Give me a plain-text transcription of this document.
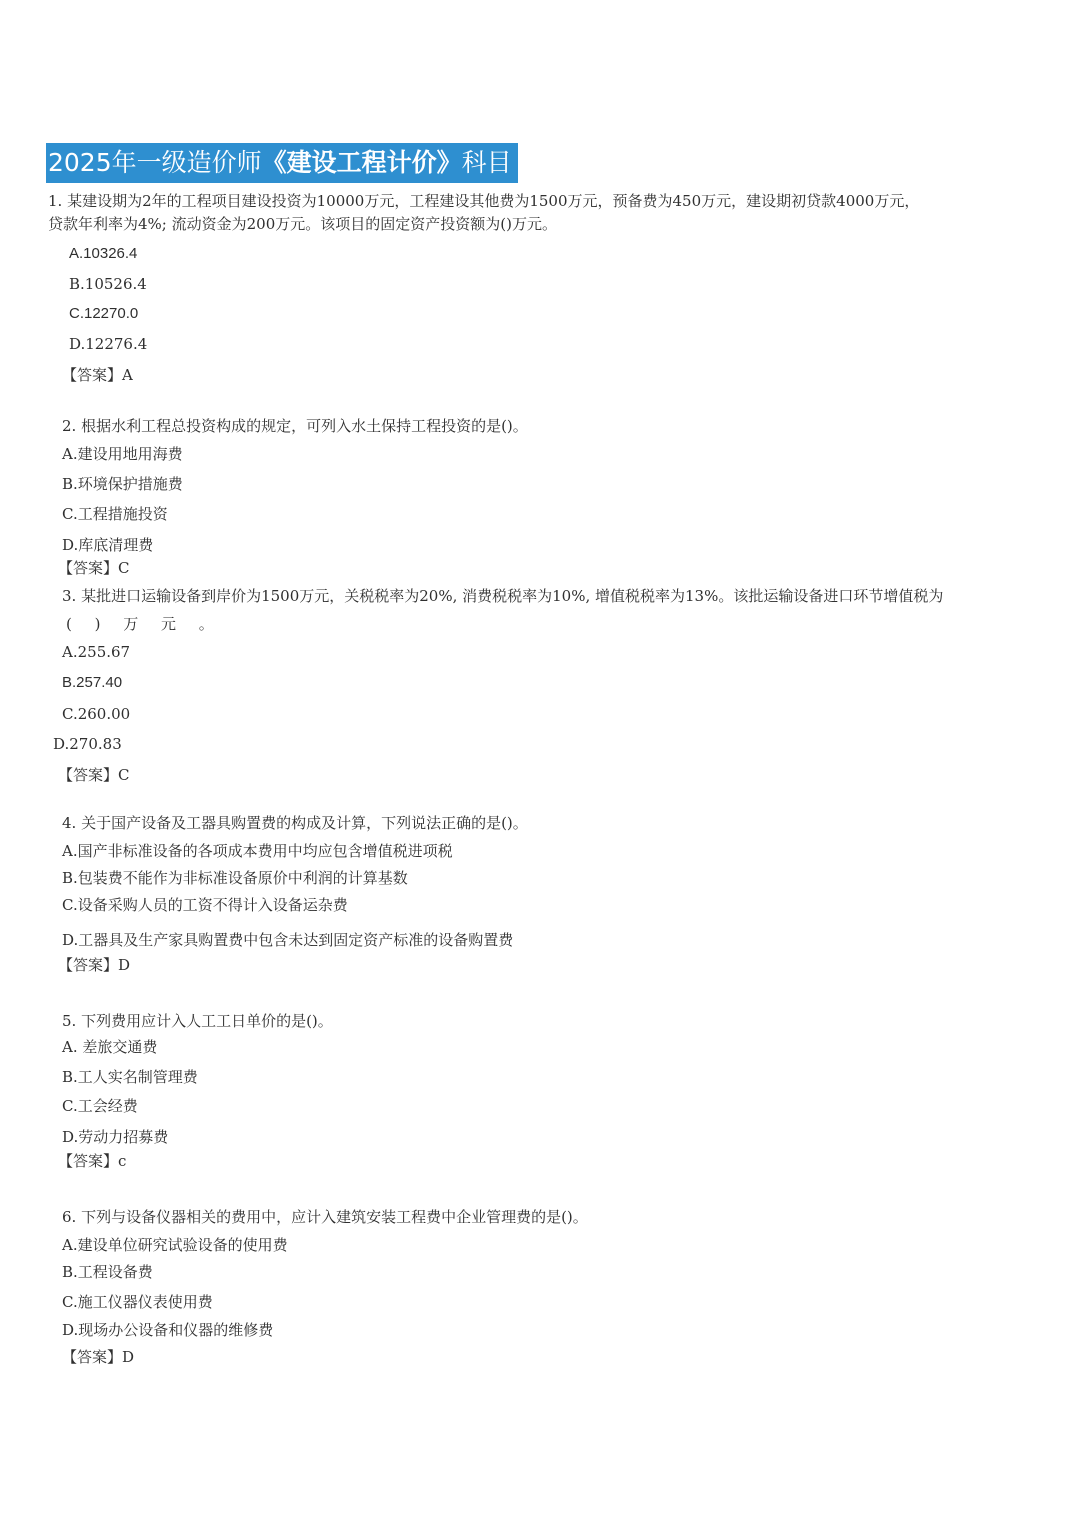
2025年一级造价师《建设工程计价》科目
1. 某建设期为2年的工程项目建设投资为10000万元，工程建设其他费为1500万元，预备费为450万元，建设期初贷款4000万元，
贷款年利率为4%; 流动资金为200万元。该项目的固定资产投资额为()万元。
A.10326.4
B.10526.4
C.12270.0
D.12276.4
【答案】A
2. 根据水利工程总投资构成的规定，可列入水土保持工程投资的是()。
A.建设用地用海费
B.环境保护措施费
C.工程措施投资
D.库底清理费
【答案】C
3. 某批进口运输设备到岸价为1500万元，关税税率为20%, 消费税税率为10%, 增值税税率为13%。该批运输设备进口环节增值税为
( ) 万 元 。
A.255.67
B.257.40
C.260.00
D.270.83
【答案】C
4. 关于国产设备及工器具购置费的构成及计算，下列说法正确的是()。
A.国产非标准设备的各项成本费用中均应包含增值税进项税
B.包装费不能作为非标准设备原价中利润的计算基数
C.设备采购人员的工资不得计入设备运杂费
D.工器具及生产家具购置费中包含未达到固定资产标准的设备购置费
【答案】D
5. 下列费用应计入人工工日单价的是()。
A. 差旅交通费
B.工人实名制管理费
C.工会经费
D.劳动力招募费
【答案】c
6. 下列与设备仪器相关的费用中，应计入建筑安装工程费中企业管理费的是()。
A.建设单位研究试验设备的使用费
B.工程设备费
C.施工仪器仪表使用费
D.现场办公设备和仪器的维修费
【答案】D
